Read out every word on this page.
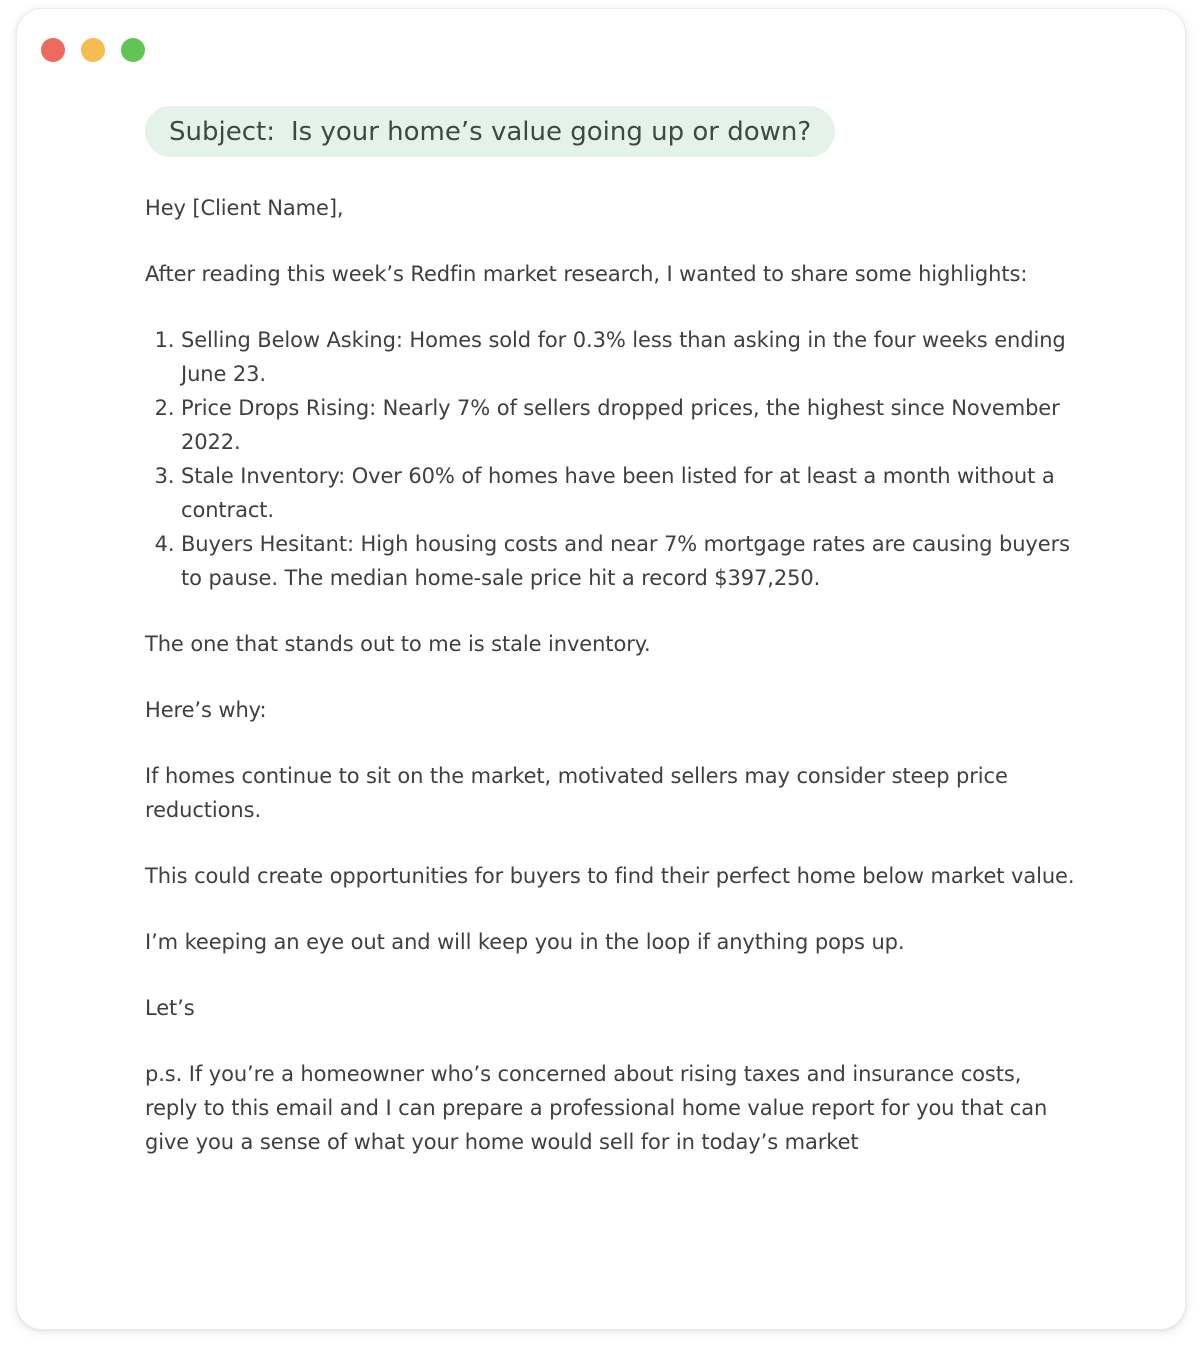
Subject: Is your home’s value going up or down?

Hey [Client Name],

After reading this week’s Redfin market research, I wanted to share some highlights:

1. Selling Below Asking: Homes sold for 0.3% less than asking in the four weeks ending June 23.
2. Price Drops Rising: Nearly 7% of sellers dropped prices, the highest since November 2022.
3. Stale Inventory: Over 60% of homes have been listed for at least a month without a contract.
4. Buyers Hesitant: High housing costs and near 7% mortgage rates are causing buyers to pause. The median home-sale price hit a record $397,250.

The one that stands out to me is stale inventory.

Here’s why:

If homes continue to sit on the market, motivated sellers may consider steep price reductions.

This could create opportunities for buyers to find their perfect home below market value.

I’m keeping an eye out and will keep you in the loop if anything pops up.

Let’s

p.s. If you’re a homeowner who’s concerned about rising taxes and insurance costs, reply to this email and I can prepare a professional home value report for you that can give you a sense of what your home would sell for in today’s market
